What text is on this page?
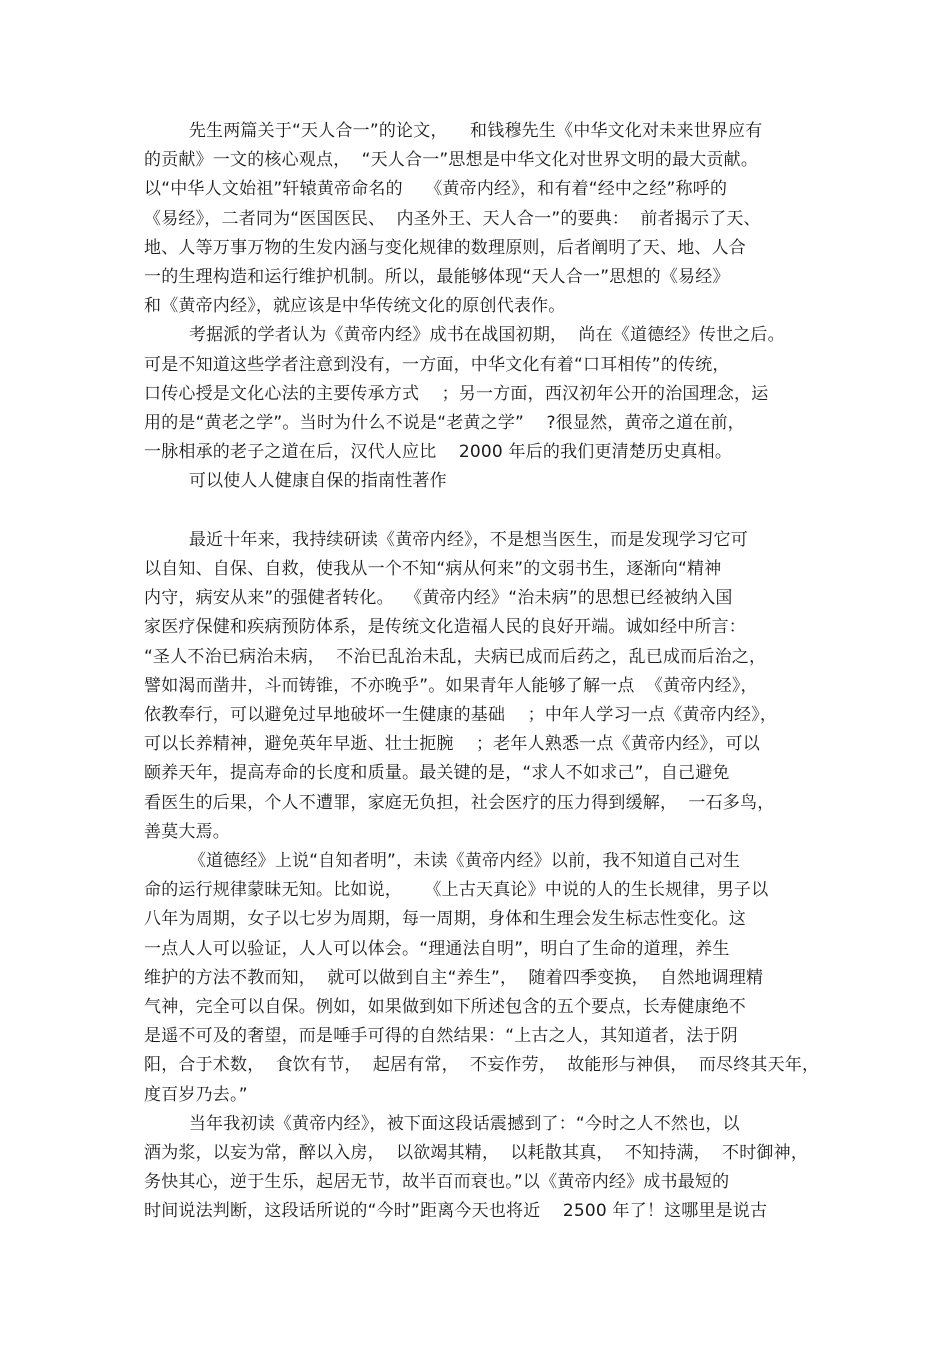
先生两篇关于“天人合一”的论文，    和钱穆先生《中华文化对未来世界应有
的贡献》一文的核心观点，  “天人合一”思想是中华文化对世界文明的最大贡献。
以“中华人文始祖”轩辕黄帝命名的    《黄帝内经》，和有着“经中之经”称呼的
《易经》，二者同为“医国医民、  内圣外王、天人合一”的要典：  前者揭示了天、
地、人等万事万物的生发内涵与变化规律的数理原则，后者阐明了天、地、人合
一的生理构造和运行维护机制。所以，最能够体现“天人合一”思想的《易经》
和《黄帝内经》，就应该是中华传统文化的原创代表作。
考据派的学者认为《黄帝内经》成书在战国初期，  尚在《道德经》传世之后。
可是不知道这些学者注意到没有，一方面，中华文化有着“口耳相传”的传统，
口传心授是文化心法的主要传承方式    ；另一方面，西汉初年公开的治国理念，运
用的是“黄老之学”。当时为什么不说是“老黄之学”    ?很显然，黄帝之道在前，
一脉相承的老子之道在后，汉代人应比    2000 年后的我们更清楚历史真相。
可以使人人健康自保的指南性著作
最近十年来，我持续研读《黄帝内经》，不是想当医生，而是发现学习它可
以自知、自保、自救，使我从一个不知“病从何来”的文弱书生，逐渐向“精神
内守，病安从来”的强健者转化。  《黄帝内经》“治未病”的思想已经被纳入国
家医疗保健和疾病预防体系，是传统文化造福人民的良好开端。诚如经中所言：
“圣人不治已病治未病，  不治已乱治未乱，夫病已成而后药之，乱已成而后治之，
譬如渴而凿井，斗而铸锥，不亦晚乎”。如果青年人能够了解一点  《黄帝内经》，
依教奉行，可以避免过早地破坏一生健康的基础    ；中年人学习一点《黄帝内经》，
可以长养精神，避免英年早逝、壮士扼腕    ；老年人熟悉一点《黄帝内经》，可以
颐养天年，提高寿命的长度和质量。最关键的是，“求人不如求己”，自己避免
看医生的后果，个人不遭罪，家庭无负担，社会医疗的压力得到缓解，  一石多鸟，
善莫大焉。
《道德经》上说“自知者明”，未读《黄帝内经》以前，我不知道自己对生
命的运行规律蒙昧无知。比如说，    《上古天真论》中说的人的生长规律，男子以
八年为周期，女子以七岁为周期，每一周期，身体和生理会发生标志性变化。这
一点人人可以验证，人人可以体会。“理通法自明”，明白了生命的道理，养生
维护的方法不教而知，  就可以做到自主“养生”，  随着四季变换，  自然地调理精
气神，完全可以自保。例如，如果做到如下所述包含的五个要点，长寿健康绝不
是遥不可及的奢望，而是唾手可得的自然结果：“上古之人，其知道者，法于阴
阳，合于术数，  食饮有节，  起居有常，  不妄作劳，  故能形与神俱，  而尽终其天年，
度百岁乃去。”
当年我初读《黄帝内经》，被下面这段话震撼到了：“今时之人不然也，以
酒为浆，以妄为常，醉以入房，  以欲竭其精，  以耗散其真，  不知持满，  不时御神，
务快其心，逆于生乐，起居无节，故半百而衰也。”以《黄帝内经》成书最短的
时间说法判断，这段话所说的“今时”距离今天也将近    2500 年了！这哪里是说古
